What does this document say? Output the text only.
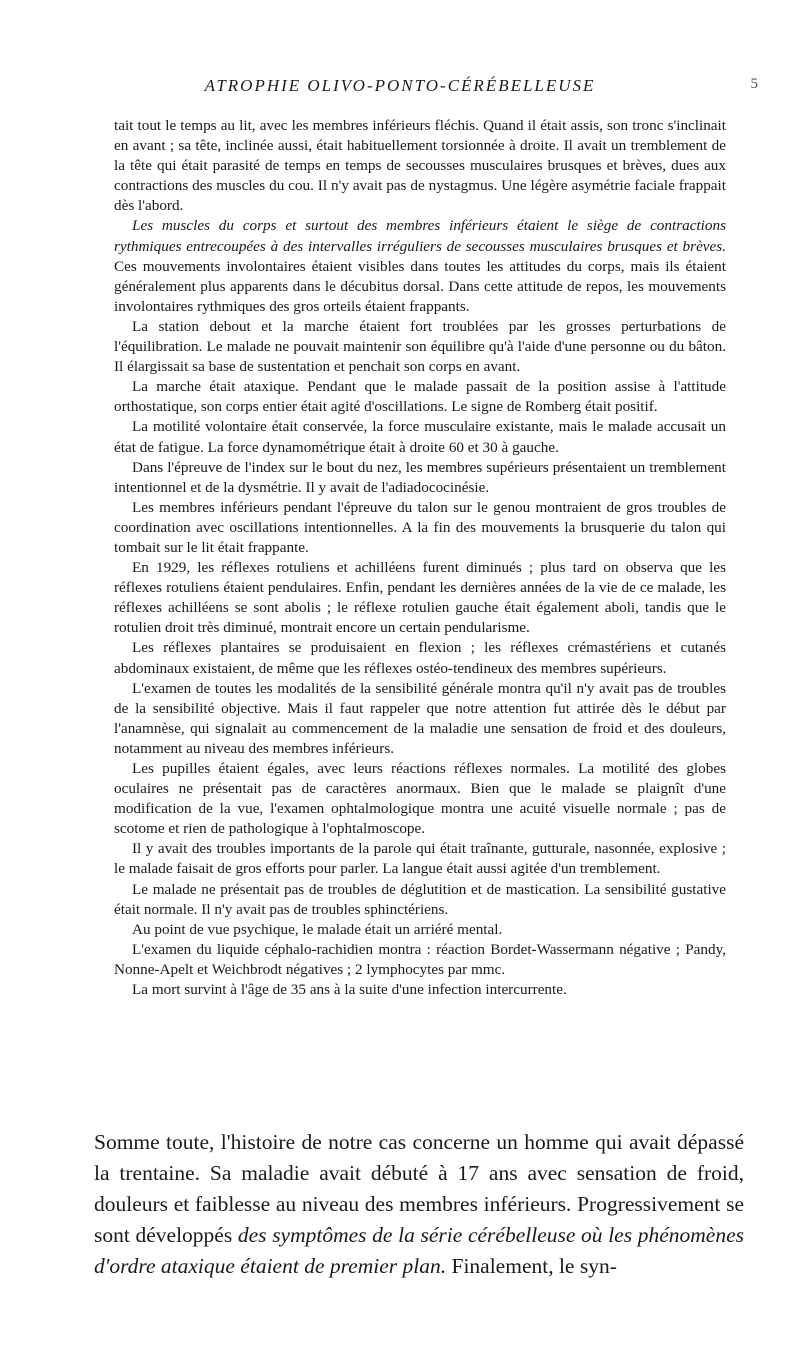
ATROPHIE OLIVO-PONTO-CÉRÉBELLEUSE	5

tait tout le temps au lit, avec les membres inférieurs fléchis. Quand il était assis, son tronc s'inclinait en avant ; sa tête, inclinée aussi, était habituellement torsionnée à droite. Il avait un tremblement de la tête qui était parasité de temps en temps de secousses musculaires brusques et brèves, dues aux contractions des muscles du cou. Il n'y avait pas de nystagmus. Une légère asymétrie faciale frappait dès l'abord.

Les muscles du corps et surtout des membres inférieurs étaient le siège de contractions rythmiques entrecoupées à des intervalles irréguliers de secousses musculaires brusques et brèves. Ces mouvements involontaires étaient visibles dans toutes les attitudes du corps, mais ils étaient généralement plus apparents dans le décubitus dorsal. Dans cette attitude de repos, les mouvements involontaires rythmiques des gros orteils étaient frappants.

La station debout et la marche étaient fort troublées par les grosses perturbations de l'équilibration. Le malade ne pouvait maintenir son équilibre qu'à l'aide d'une personne ou du bâton. Il élargissait sa base de sustentation et penchait son corps en avant.

La marche était ataxique. Pendant que le malade passait de la position assise à l'attitude orthostatique, son corps entier était agité d'oscillations. Le signe de Romberg était positif.

La motilité volontaire était conservée, la force musculaire existante, mais le malade accusait un état de fatigue. La force dynamométrique était à droite 60 et 30 à gauche.

Dans l'épreuve de l'index sur le bout du nez, les membres supérieurs présentaient un tremblement intentionnel et de la dysmétrie. Il y avait de l'adiadococinésie.

Les membres inférieurs pendant l'épreuve du talon sur le genou montraient de gros troubles de coordination avec oscillations intentionnelles. A la fin des mouvements la brusquerie du talon qui tombait sur le lit était frappante.

En 1929, les réflexes rotuliens et achilléens furent diminués ; plus tard on observa que les réflexes rotuliens étaient pendulaires. Enfin, pendant les dernières années de la vie de ce malade, les réflexes achilléens se sont abolis ; le réflexe rotulien gauche était également aboli, tandis que le rotulien droit très diminué, montrait encore un certain pendularisme.

Les réflexes plantaires se produisaient en flexion ; les réflexes crémastériens et cutanés abdominaux existaient, de même que les réflexes ostéo-tendineux des membres supérieurs.

L'examen de toutes les modalités de la sensibilité générale montra qu'il n'y avait pas de troubles de la sensibilité objective. Mais il faut rappeler que notre attention fut attirée dès le début par l'anamnèse, qui signalait au commencement de la maladie une sensation de froid et des douleurs, notamment au niveau des membres inférieurs.

Les pupilles étaient égales, avec leurs réactions réflexes normales. La motilité des globes oculaires ne présentait pas de caractères anormaux. Bien que le malade se plaignît d'une modification de la vue, l'examen ophtalmologique montra une acuité visuelle normale ; pas de scotome et rien de pathologique à l'ophtalmoscope.

Il y avait des troubles importants de la parole qui était traînante, gutturale, nasonnée, explosive ; le malade faisait de gros efforts pour parler. La langue était aussi agitée d'un tremblement.

Le malade ne présentait pas de troubles de déglutition et de mastication. La sensibilité gustative était normale. Il n'y avait pas de troubles sphinctériens.

Au point de vue psychique, le malade était un arriéré mental.

L'examen du liquide céphalo-rachidien montra : réaction Bordet-Wassermann négative ; Pandy, Nonne-Apelt et Weichbrodt négatives ; 2 lymphocytes par mmc.

La mort survint à l'âge de 35 ans à la suite d'une infection intercurrente.

Somme toute, l'histoire de notre cas concerne un homme qui avait dépassé la trentaine. Sa maladie avait débuté à 17 ans avec sensation de froid, douleurs et faiblesse au niveau des membres inférieurs. Progressivement se sont développés des symptômes de la série cérébelleuse où les phénomènes d'ordre ataxique étaient de premier plan. Finalement, le syn-
